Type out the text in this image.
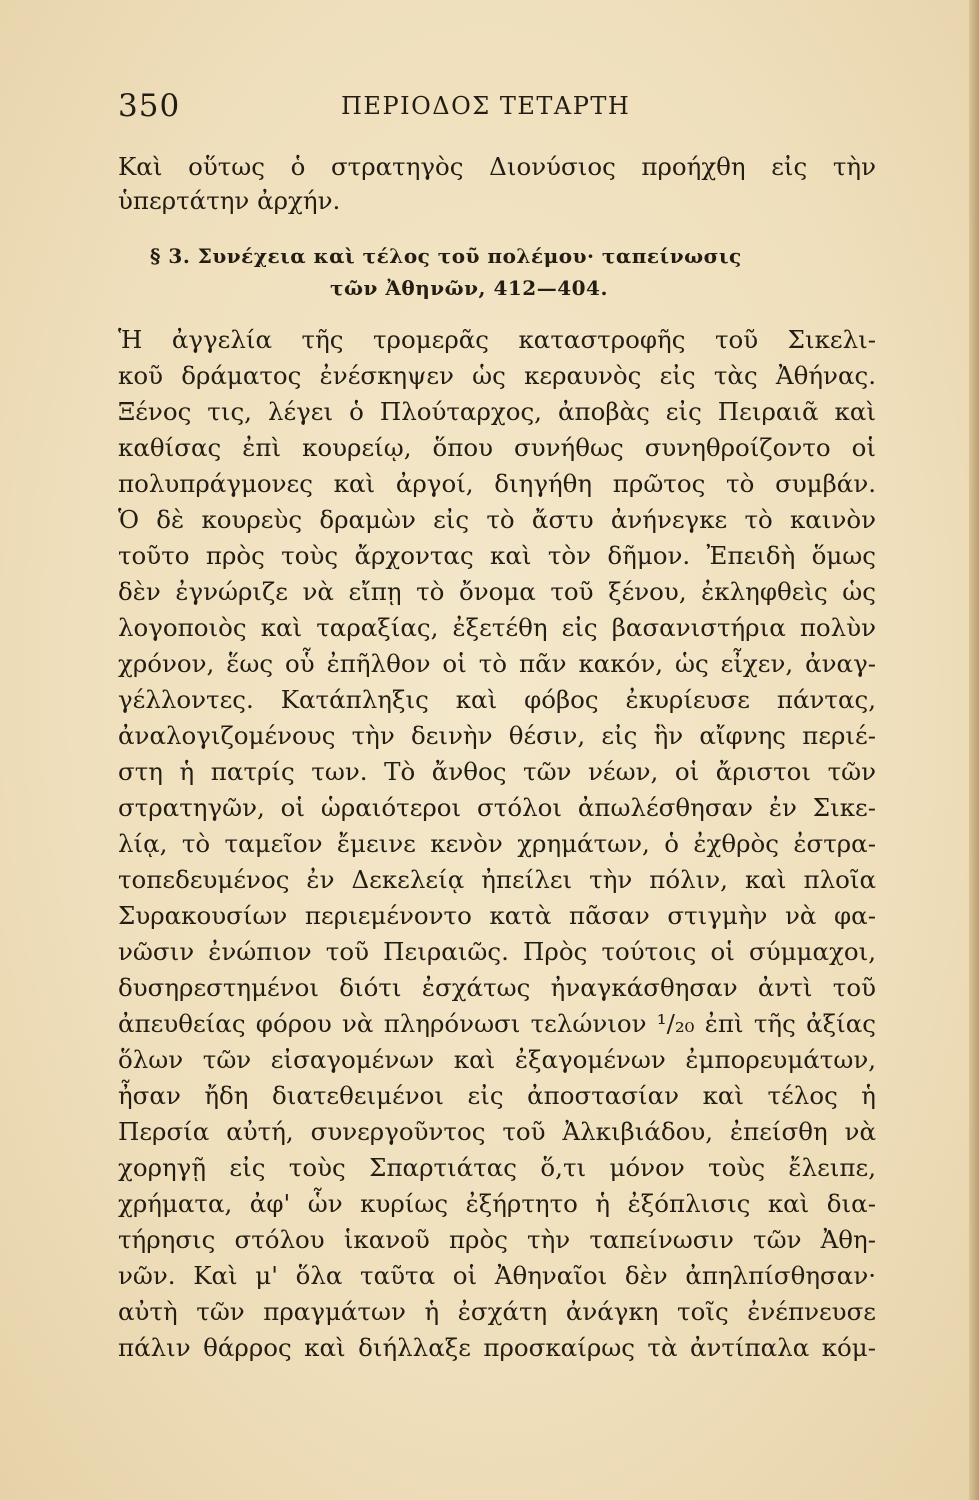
350	ΠΕΡΙΟΔΟΣ ΤΕΤΑΡΤΗ
Καὶ οὕτως ὁ στρατηγὸς Διονύσιος προήχθη εἰς τὴν
ὑπερτάτην ἀρχήν.
§ 3. Συνέχεια καὶ τέλος τοῦ πολέμου· ταπείνωσις
τῶν Ἀθηνῶν, 412—404.
Ἡ ἀγγελία τῆς τρομερᾶς καταστροφῆς τοῦ Σικελι-
κοῦ δράματος ἐνέσκηψεν ὡς κεραυνὸς εἰς τὰς Ἀθήνας.
Ξένος τις, λέγει ὁ Πλούταρχος, ἀποβὰς εἰς Πειραιᾶ καὶ
καθίσας ἐπὶ κουρείῳ, ὅπου συνήθως συνηθροίζοντο οἱ
πολυπράγμονες καὶ ἀργοί, διηγήθη πρῶτος τὸ συμβάν.
Ὁ δὲ κουρεὺς δραμὼν εἰς τὸ ἄστυ ἀνήνεγκε τὸ καινὸν
τοῦτο πρὸς τοὺς ἄρχοντας καὶ τὸν δῆμον. Ἐπειδὴ ὅμως
δὲν ἐγνώριζε νὰ εἴπῃ τὸ ὄνομα τοῦ ξένου, ἐκληφθεὶς ὡς
λογοποιὸς καὶ ταραξίας, ἐξετέθη εἰς βασανιστήρια πολὺν
χρόνον, ἕως οὗ ἐπῆλθον οἱ τὸ πᾶν κακόν, ὡς εἶχεν, ἀναγ-
γέλλοντες. Κατάπληξις καὶ φόβος ἐκυρίευσε πάντας,
ἀναλογιζομένους τὴν δεινὴν θέσιν, εἰς ἣν αἴφνης περιέ-
στη ἡ πατρίς των. Τὸ ἄνθος τῶν νέων, οἱ ἄριστοι τῶν
στρατηγῶν, οἱ ὡραιότεροι στόλοι ἀπωλέσθησαν ἐν Σικε-
λίᾳ, τὸ ταμεῖον ἔμεινε κενὸν χρημάτων, ὁ ἐχθρὸς ἐστρα-
τοπεδευμένος ἐν Δεκελείᾳ ἠπείλει τὴν πόλιν, καὶ πλοῖα
Συρακουσίων περιεμένοντο κατὰ πᾶσαν στιγμὴν νὰ φα-
νῶσιν ἐνώπιον τοῦ Πειραιῶς. Πρὸς τούτοις οἱ σύμμαχοι,
δυσηρεστημένοι διότι ἐσχάτως ἠναγκάσθησαν ἀντὶ τοῦ
ἀπευθείας φόρου νὰ πληρόνωσι τελώνιον ¹/₂₀ ἐπὶ τῆς ἀξίας
ὅλων τῶν εἰσαγομένων καὶ ἐξαγομένων ἐμπορευμάτων,
ἦσαν ἤδη διατεθειμένοι εἰς ἀποστασίαν καὶ τέλος ἡ
Περσία αὐτή, συνεργοῦντος τοῦ Ἀλκιβιάδου, ἐπείσθη νὰ
χορηγῇ εἰς τοὺς Σπαρτιάτας ὅ,τι μόνον τοὺς ἔλειπε,
χρήματα, ἀφ' ὧν κυρίως ἐξήρτητο ἡ ἐξόπλισις καὶ δια-
τήρησις στόλου ἱκανοῦ πρὸς τὴν ταπείνωσιν τῶν Ἀθη-
νῶν. Καὶ μ' ὅλα ταῦτα οἱ Ἀθηναῖοι δὲν ἀπηλπίσθησαν·
αὐτὴ τῶν πραγμάτων ἡ ἐσχάτη ἀνάγκη τοῖς ἐνέπνευσε
πάλιν θάρρος καὶ διήλλαξε προσκαίρως τὰ ἀντίπαλα κόμ-
